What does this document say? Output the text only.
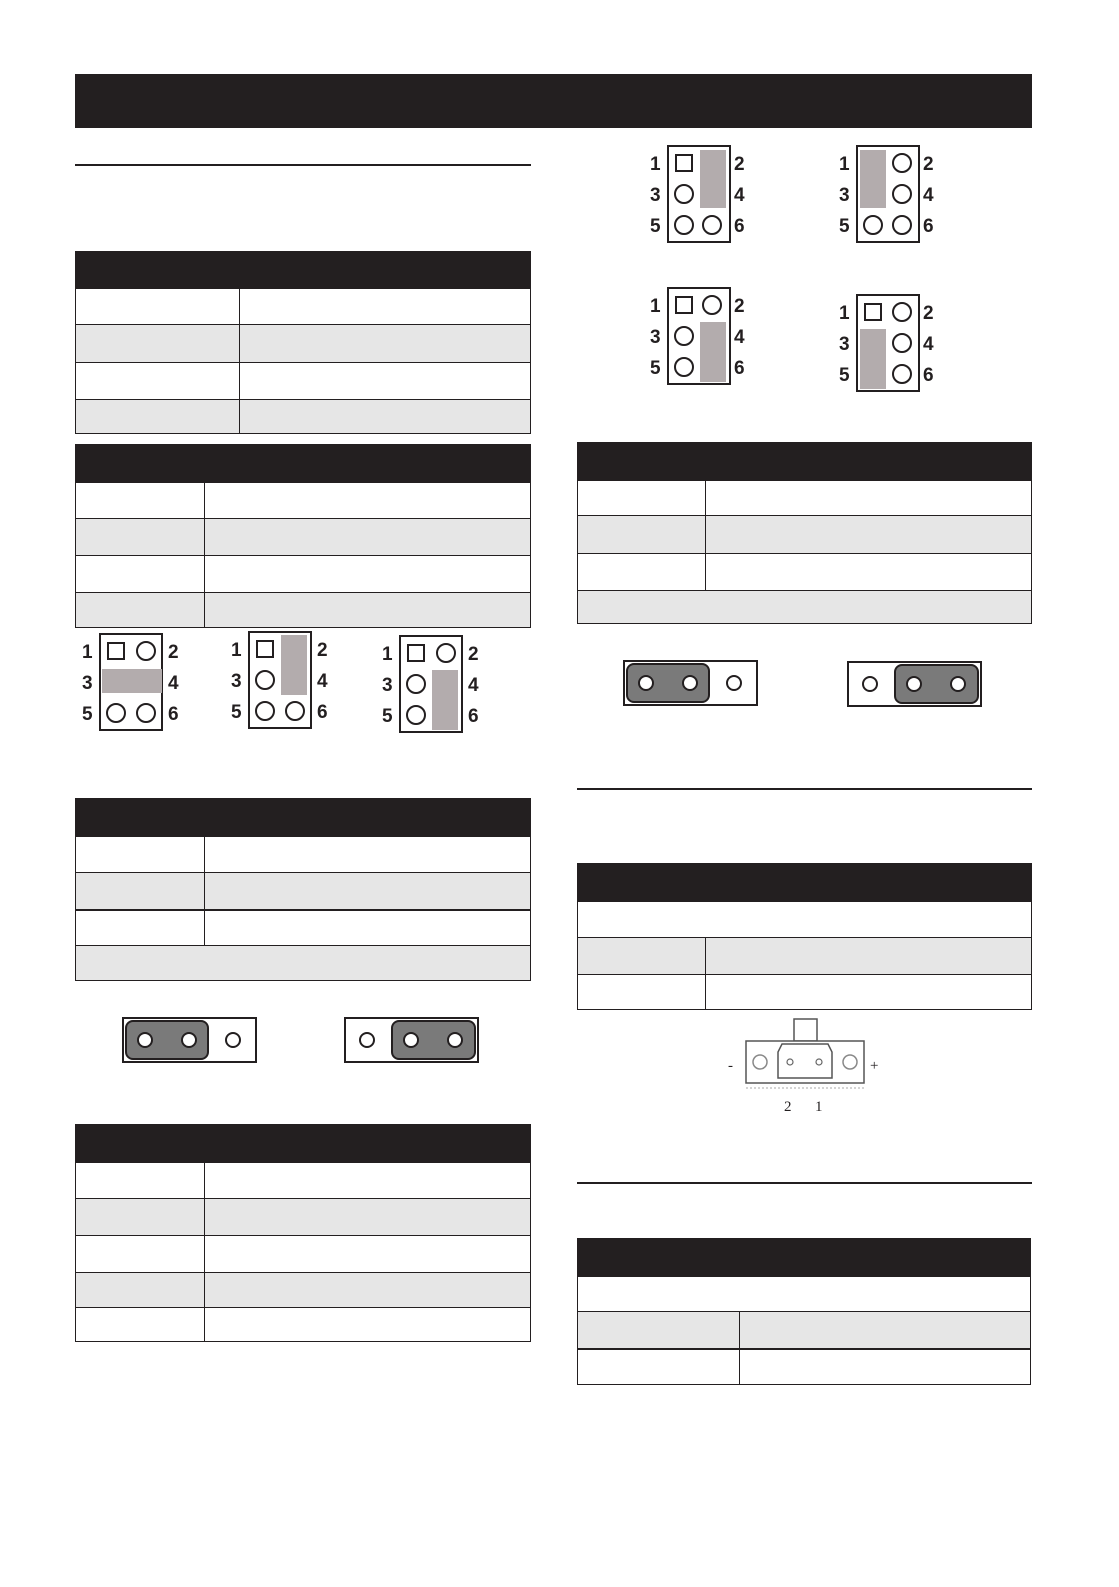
1	2
3	4
5	6
1	2
3	4
5	6
1	2
3	4
5	6
1	2
3	4
5	6
1	2
3	4
5	6
1	2
3	4
5	6
1	2
3	4
5	6
-	+
2 1
